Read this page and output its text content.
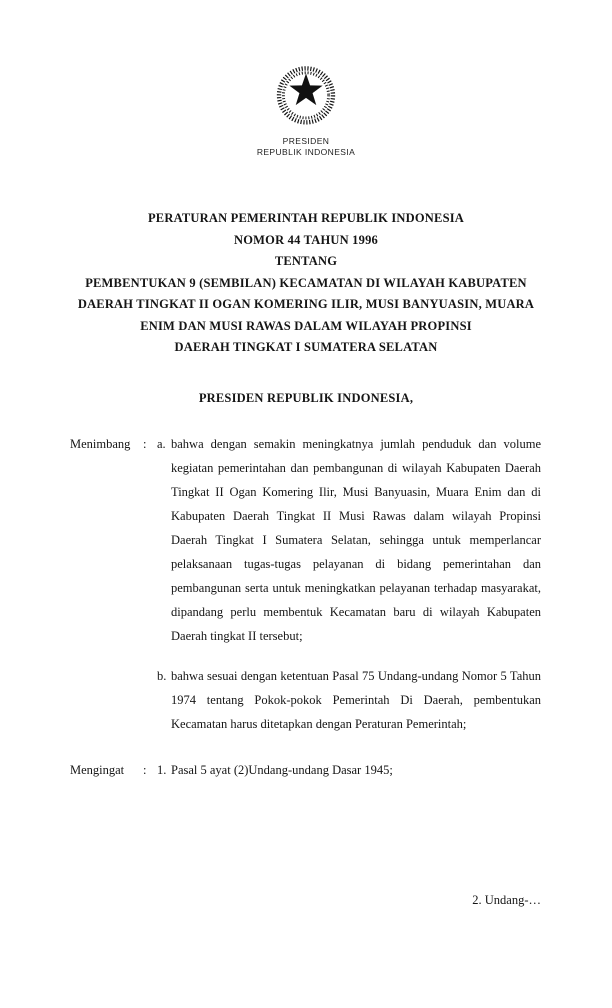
PRESIDEN
REPUBLIK INDONESIA
PERATURAN PEMERINTAH REPUBLIK INDONESIA
NOMOR 44 TAHUN 1996
TENTANG
PEMBENTUKAN 9 (SEMBILAN) KECAMATAN DI WILAYAH KABUPATEN
DAERAH TINGKAT II OGAN KOMERING ILIR, MUSI BANYUASIN, MUARA
ENIM DAN MUSI RAWAS DALAM WILAYAH PROPINSI
DAERAH TINGKAT I SUMATERA SELATAN
PRESIDEN REPUBLIK INDONESIA,
Menimbang	: a. bahwa dengan semakin meningkatnya jumlah penduduk dan volume kegiatan pemerintahan dan pembangunan di wilayah Kabupaten Daerah Tingkat II Ogan Komering Ilir, Musi Banyuasin, Muara Enim dan di Kabupaten Daerah Tingkat II Musi Rawas dalam wilayah Propinsi Daerah Tingkat I Sumatera Selatan, sehingga untuk memperlancar pelaksanaan tugas-tugas pelayanan di bidang pemerintahan dan pembangunan serta untuk meningkatkan pelayanan terhadap masyarakat, dipandang perlu membentuk Kecamatan baru di wilayah Kabupaten Daerah tingkat II tersebut;
b. bahwa sesuai dengan ketentuan Pasal 75 Undang-undang Nomor 5 Tahun 1974 tentang Pokok-pokok Pemerintah Di Daerah, pembentukan Kecamatan harus ditetapkan dengan Peraturan Pemerintah;
Mengingat	: 1. Pasal 5 ayat (2)Undang-undang Dasar 1945;
2. Undang-…
